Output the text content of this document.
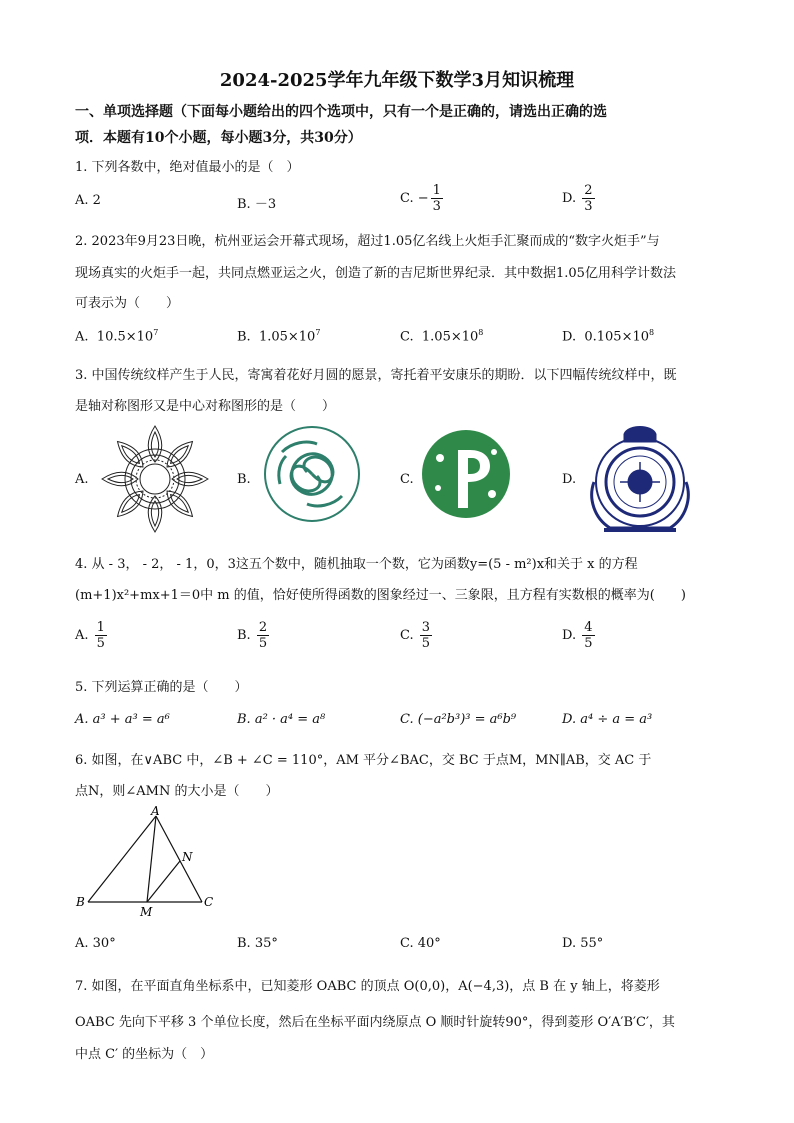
2024-2025学年九年级下数学3月知识梳理
一、单项选择题（下面每小题给出的四个选项中，只有一个是正确的，请选出正确的选
项．本题有10个小题，每小题3分，共30分）
1. 下列各数中，绝对值最小的是（　）
A. 2	B. －3	C. − $\frac{1}{3}$	D. $\frac{2}{3}$
2. 2023年9月23日晚，杭州亚运会开幕式现场，超过1.05亿名线上火炬手汇聚而成的“数字火炬手”与
现场真实的火炬手一起，共同点燃亚运之火，创造了新的吉尼斯世界纪录．其中数据1.05亿用科学计数法
可表示为（　　）
A. $10.5\times 10^7$	B. $1.05\times 10^7$	C. $1.05\times 10^8$	D. $0.105\times 10^8$
3. 中国传统纹样产生于人民，寄寓着花好月圆的愿景，寄托着平安康乐的期盼．以下四幅传统纹样中，既
是轴对称图形又是中心对称图形的是（　　）
A.	B.	C.	D.
4. 从 - 3， - 2， - 1，0，3这五个数中，随机抽取一个数，它为函数y=(5 - m²)x和关于 x 的方程
(m+1)x²+mx+1＝0中 m 的值，恰好使所得函数的图象经过一、三象限，且方程有实数根的概率为(　　)
A. $\frac{1}{5}$	B. $\frac{2}{5}$	C. $\frac{3}{5}$	D. $\frac{4}{5}$
5. 下列运算正确的是（　　）
A. a³ + a³ = a⁶	B. a² · a⁴ = a⁸	C. (−a²b³)³ = a⁶b⁹	D. a⁴ ÷ a = a³
6. 如图，在∨ABC 中，∠B + ∠C = 110°，AM 平分∠BAC，交 BC 于点M，MN∥AB，交 AC 于
点N，则∠AMN 的大小是（　　）
A
B	C
M
N
A. 30°	B. 35°	C. 40°	D. 55°
7. 如图，在平面直角坐标系中，已知菱形 OABC 的顶点 O(0,0)，A(−4,3)，点 B 在 y 轴上，将菱形
OABC 先向下平移 3 个单位长度，然后在坐标平面内绕原点 O 顺时针旋转90°，得到菱形 O′A′B′C′，其
中点 C′ 的坐标为（　）
